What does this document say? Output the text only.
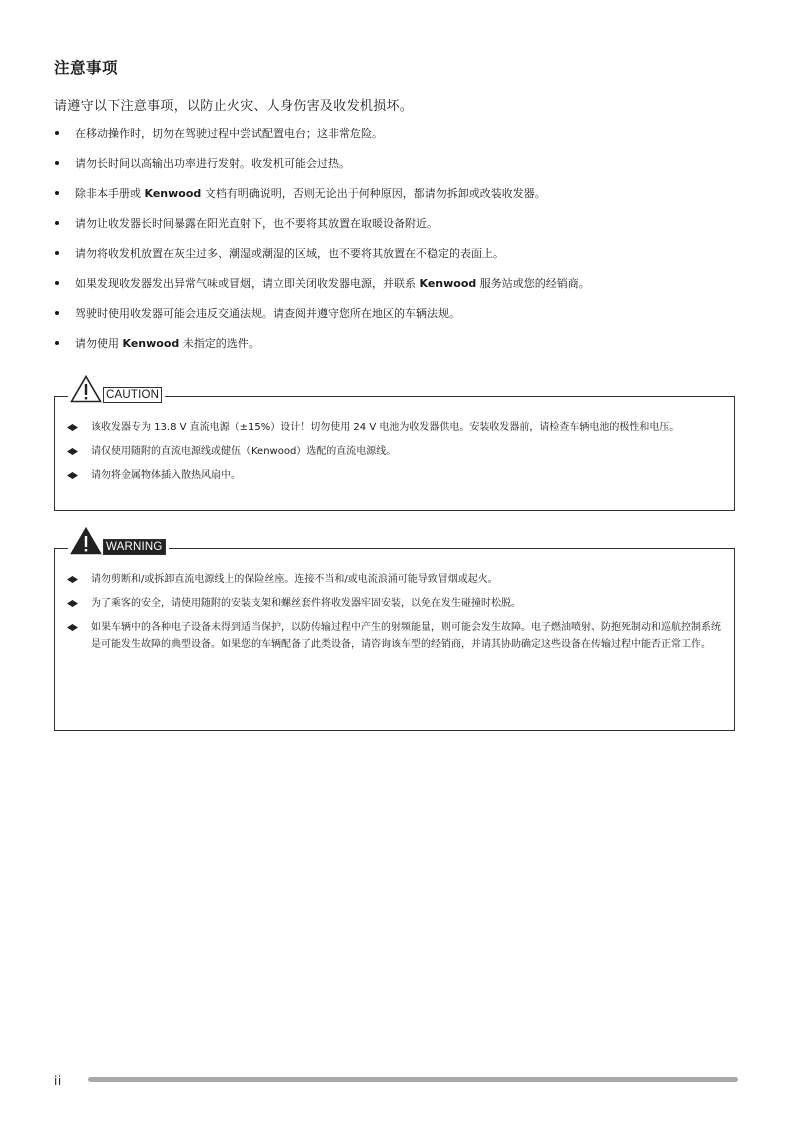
注意事项
请遵守以下注意事项，以防止火灾、人身伤害及收发机损坏。
在移动操作时，切勿在驾驶过程中尝试配置电台；这非常危险。
请勿长时间以高输出功率进行发射。收发机可能会过热。
除非本手册或 Kenwood 文档有明确说明，否则无论出于何种原因，都请勿拆卸或改装收发器。
请勿让收发器长时间暴露在阳光直射下，也不要将其放置在取暖设备附近。
请勿将收发机放置在灰尘过多、潮湿或潮湿的区域，也不要将其放置在不稳定的表面上。
如果发现收发器发出异常气味或冒烟，请立即关闭收发器电源，并联系 Kenwood 服务站或您的经销商。
驾驶时使用收发器可能会违反交通法规。请查阅并遵守您所在地区的车辆法规。
请勿使用 Kenwood 未指定的选件。
CAUTION
该收发器专为 13.8 V 直流电源（±15%）设计！切勿使用 24 V 电池为收发器供电。安装收发器前，请检查车辆电池的极性和电压。
请仅使用随附的直流电源线或健伍（Kenwood）选配的直流电源线。
请勿将金属物体插入散热风扇中。
WARNING
请勿剪断和/或拆卸直流电源线上的保险丝座。连接不当和/或电流浪涌可能导致冒烟或起火。
为了乘客的安全，请使用随附的安装支架和螺丝套件将收发器牢固安装，以免在发生碰撞时松脱。
如果车辆中的各种电子设备未得到适当保护，以防传输过程中产生的射频能量，则可能会发生故障。电子燃油喷射、防抱死制动和巡航控制系统是可能发生故障的典型设备。如果您的车辆配备了此类设备，请咨询该车型的经销商，并请其协助确定这些设备在传输过程中能否正常工作。
ii
